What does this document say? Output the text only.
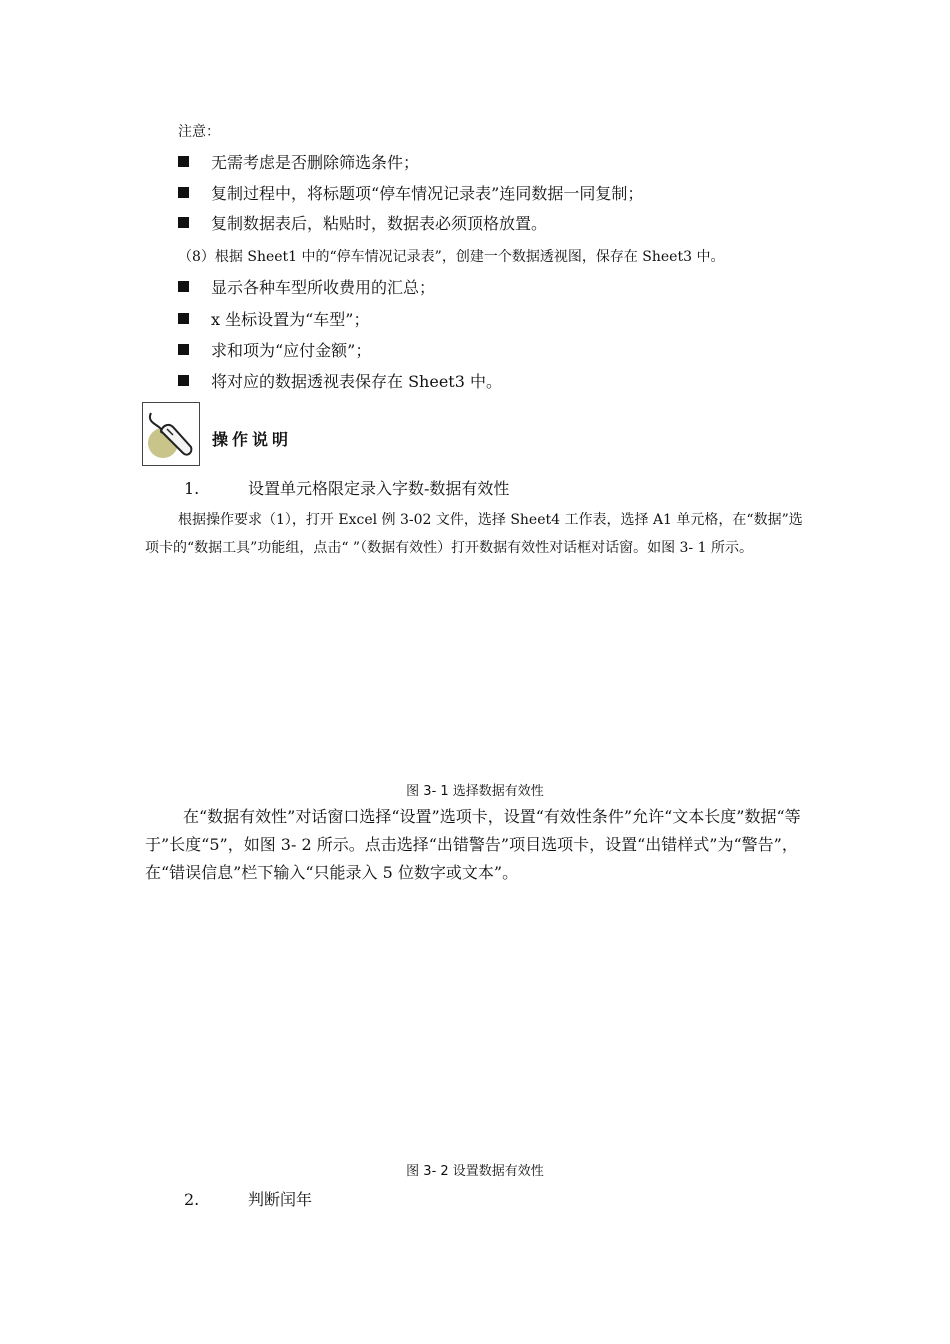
注意：
无需考虑是否删除筛选条件；
复制过程中，将标题项“停车情况记录表”连同数据一同复制；
复制数据表后，粘贴时，数据表必须顶格放置。
（8）根据 Sheet1 中的“停车情况记录表”，创建一个数据透视图，保存在 Sheet3 中。
显示各种车型所收费用的汇总；
x 坐标设置为“车型”；
求和项为“应付金额”；
将对应的数据透视表保存在 Sheet3 中。
操作说明
1.	设置单元格限定录入字数-数据有效性
根据操作要求（1），打开 Excel 例 3-02 文件，选择 Sheet4 工作表，选择 A1 单元格，在“数据”选项卡的“数据工具”功能组，点击“ ”（数据有效性）打开数据有效性对话框对话窗。如图 3- 1 所示。
图 3- 1 选择数据有效性
在“数据有效性”对话窗口选择“设置”选项卡，设置“有效性条件”允许“文本长度”数据“等于”长度“5”，如图 3- 2 所示。点击选择“出错警告”项目选项卡，设置“出错样式”为“警告”，在“错误信息”栏下输入“只能录入 5 位数字或文本”。
图 3- 2 设置数据有效性
2.	判断闰年
